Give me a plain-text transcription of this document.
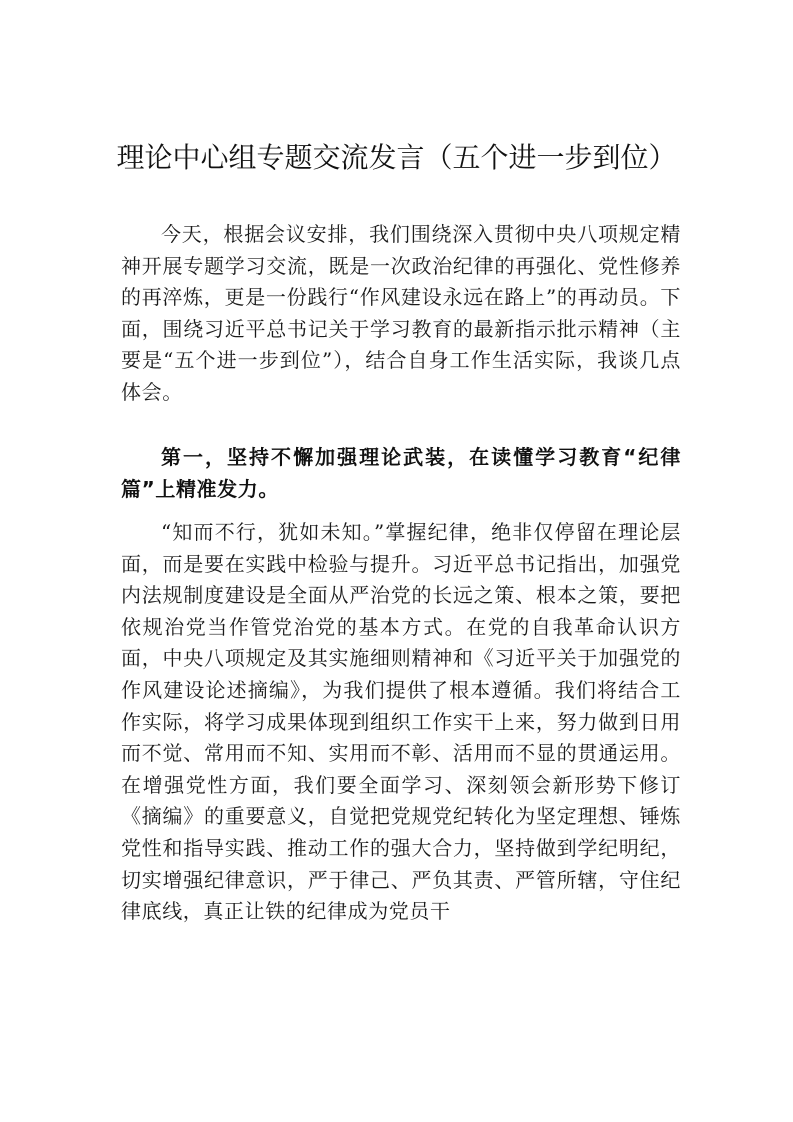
理论中心组专题交流发言（五个进一步到位）

今天，根据会议安排，我们围绕深入贯彻中央八项规定精神开展专题学习交流，既是一次政治纪律的再强化、党性修养的再淬炼，更是一份践行“作风建设永远在路上”的再动员。下面，围绕习近平总书记关于学习教育的最新指示批示精神（主要是“五个进一步到位”），结合自身工作生活实际，我谈几点体会。

第一，坚持不懈加强理论武装，在读懂学习教育“纪律篇”上精准发力。

“知而不行，犹如未知。”掌握纪律，绝非仅停留在理论层面，而是要在实践中检验与提升。习近平总书记指出，加强党内法规制度建设是全面从严治党的长远之策、根本之策，要把依规治党当作管党治党的基本方式。在党的自我革命认识方面，中央八项规定及其实施细则精神和《习近平关于加强党的作风建设论述摘编》，为我们提供了根本遵循。我们将结合工作实际，将学习成果体现到组织工作实干上来，努力做到日用而不觉、常用而不知、实用而不彰、活用而不显的贯通运用。在增强党性方面，我们要全面学习、深刻领会新形势下修订《摘编》的重要意义，自觉把党规党纪转化为坚定理想、锤炼党性和指导实践、推动工作的强大合力，坚持做到学纪明纪，切实增强纪律意识，严于律己、严负其责、严管所辖，守住纪律底线，真正让铁的纪律成为党员干
